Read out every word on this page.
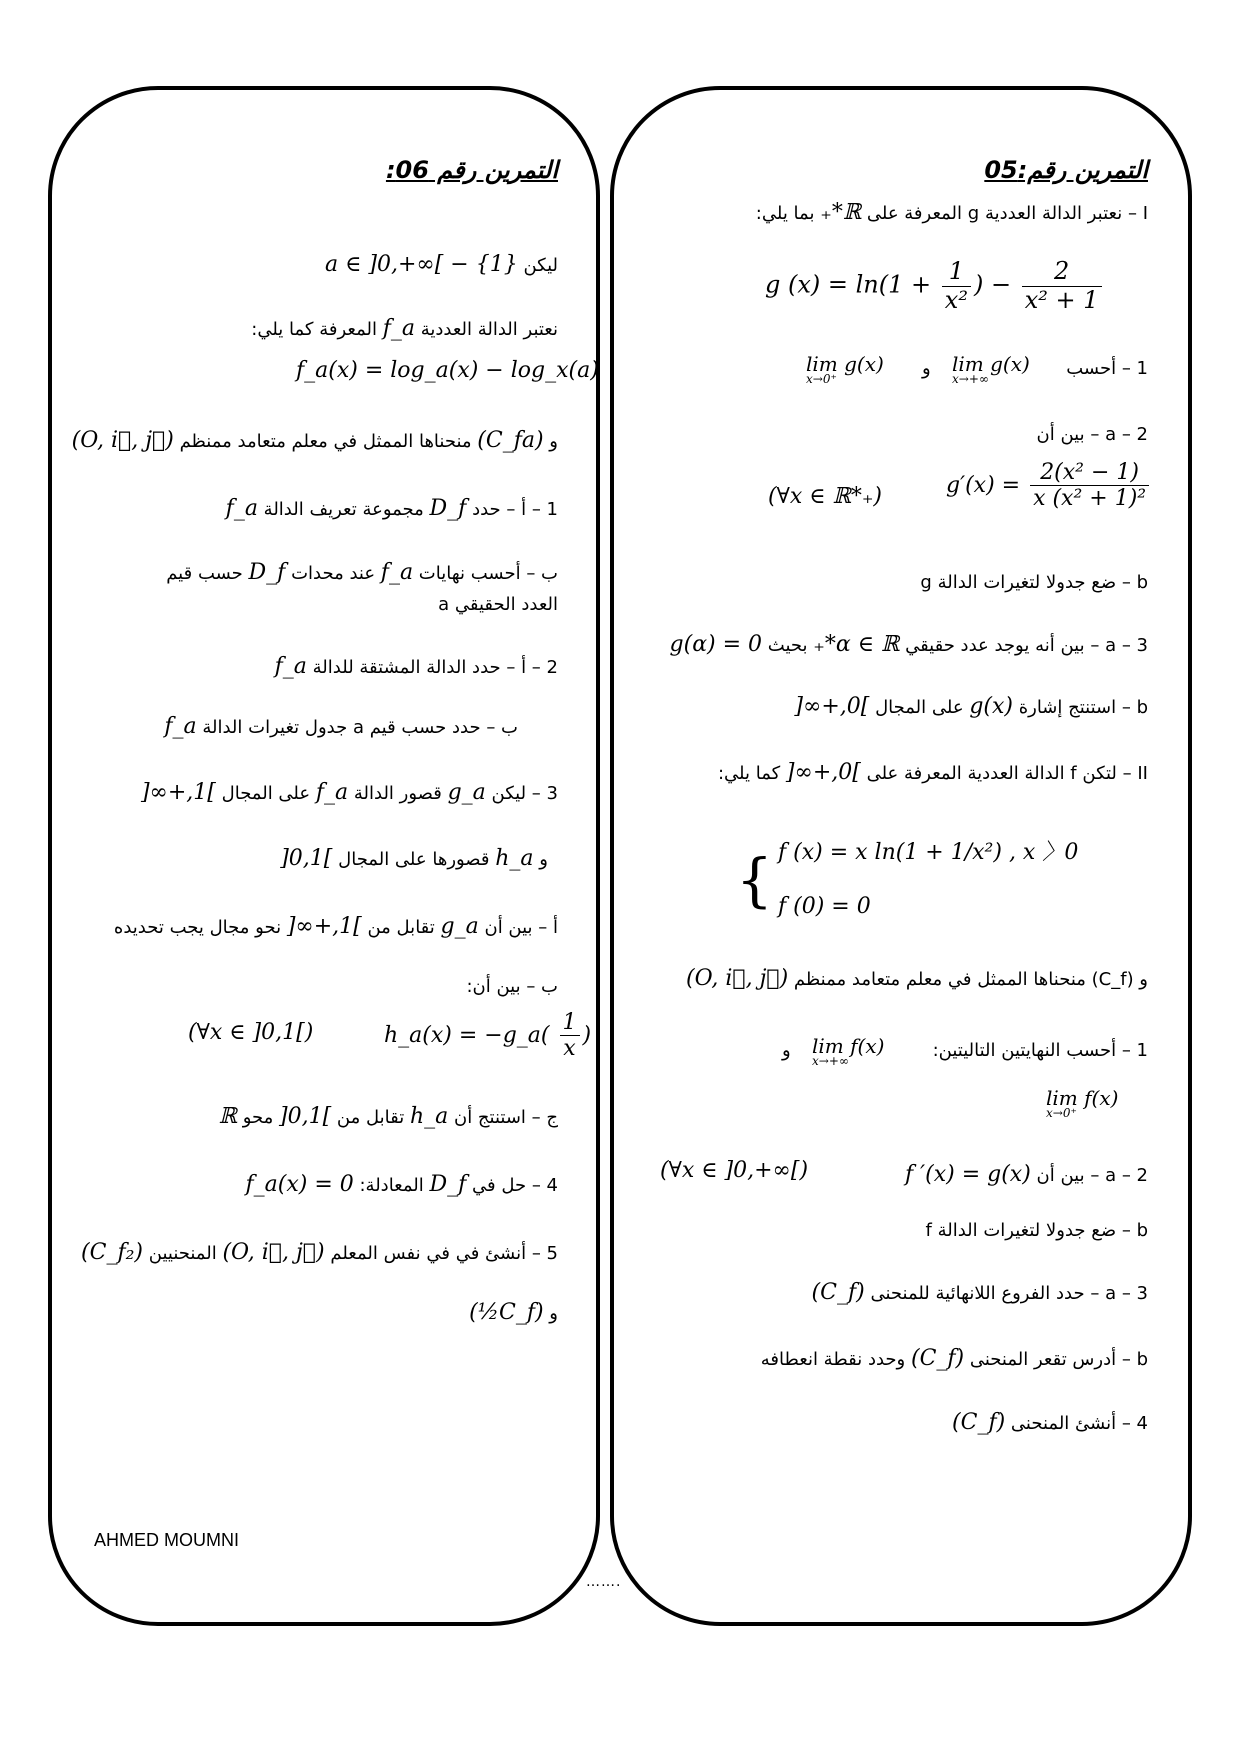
التمرين رقم:05
I – نعتبر الدالة العددية g المعرفة على ℝ*₊ بما يلي:
g $(x) = \ln(1 + \frac{1}{\text{x²}}$ ) − $\frac{2}{\text{x² + 1}}$
1 – أحسب
lim g(x)
x→+∞
و
lim g(x)
x→0⁺
2 – a – بين أن
$g'(x) = \frac{\text{2(x² − 1)}}{\text{x (x² + 1)²}}$
(∀x ∈ ℝ*₊)
b – ضع جدولا لتغيرات الدالة g
3 – a – بين أنه يوجد عدد حقيقي α ∈ ℝ*₊ بحيث g(α) = 0
b – استنتج إشارة g(x) على المجال ]0,+∞[
II – لتكن f الدالة العددية المعرفة على ]0,+∞[ كما يلي:
{ f (x) = x ln(1 + 1/x²) , x 〉0
f (0) = 0
و (C_f) منحناها الممثل في معلم متعامد ممنظم (O, i⃗, j⃗)
1 – أحسب النهايتين التاليتين:
lim f(x)
x→+∞
و
lim f(x)
x→0⁺
2 – a – بين أن f ′(x) = g(x)
(∀x ∈ ]0,+∞[)
b – ضع جدولا لتغيرات الدالة f
3 – a – حدد الفروع اللانهائية للمنحنى (C_f)
b – أدرس تقعر المنحنى (C_f) وحدد نقطة انعطافه
4 – أنشئ المنحنى (C_f)
التمرين رقم 06:
ليكن a ∈ ]0,+∞[ − {1}
نعتبر الدالة العددية f_a المعرفة كما يلي:
f_a(x) = log_a(x) − log_x(a)
و (C_fa) منحناها الممثل في معلم متعامد ممنظم (O, i⃗, j⃗)
1 – أ – حدد D_f مجموعة تعريف الدالة f_a
ب – أحسب نهايات f_a عند محدات D_f حسب قيم
العدد الحقيقي a
2 – أ – حدد الدالة المشتقة للدالة f_a
ب – حدد حسب قيم a جدول تغيرات الدالة f_a
3 – ليكن g_a قصور الدالة f_a على المجال ]1,+∞[
و h_a قصورها على المجال ]0,1[
أ – بين أن g_a تقابل من ]1,+∞[ نحو مجال يجب تحديده
ب – بين أن:
h_a(x) = −g_a( $\frac{1}{x}$ )
(∀x ∈ ]0,1[)
ج – استنتج أن h_a تقابل من ]0,1[ محو ℝ
4 – حل في D_f المعادلة: f_a(x) = 0
5 – أنشئ في في نفس المعلم (O, i⃗, j⃗) المنحنيين (C_f₂)
و (C_f½)
AHMED MOUMNI
…….
